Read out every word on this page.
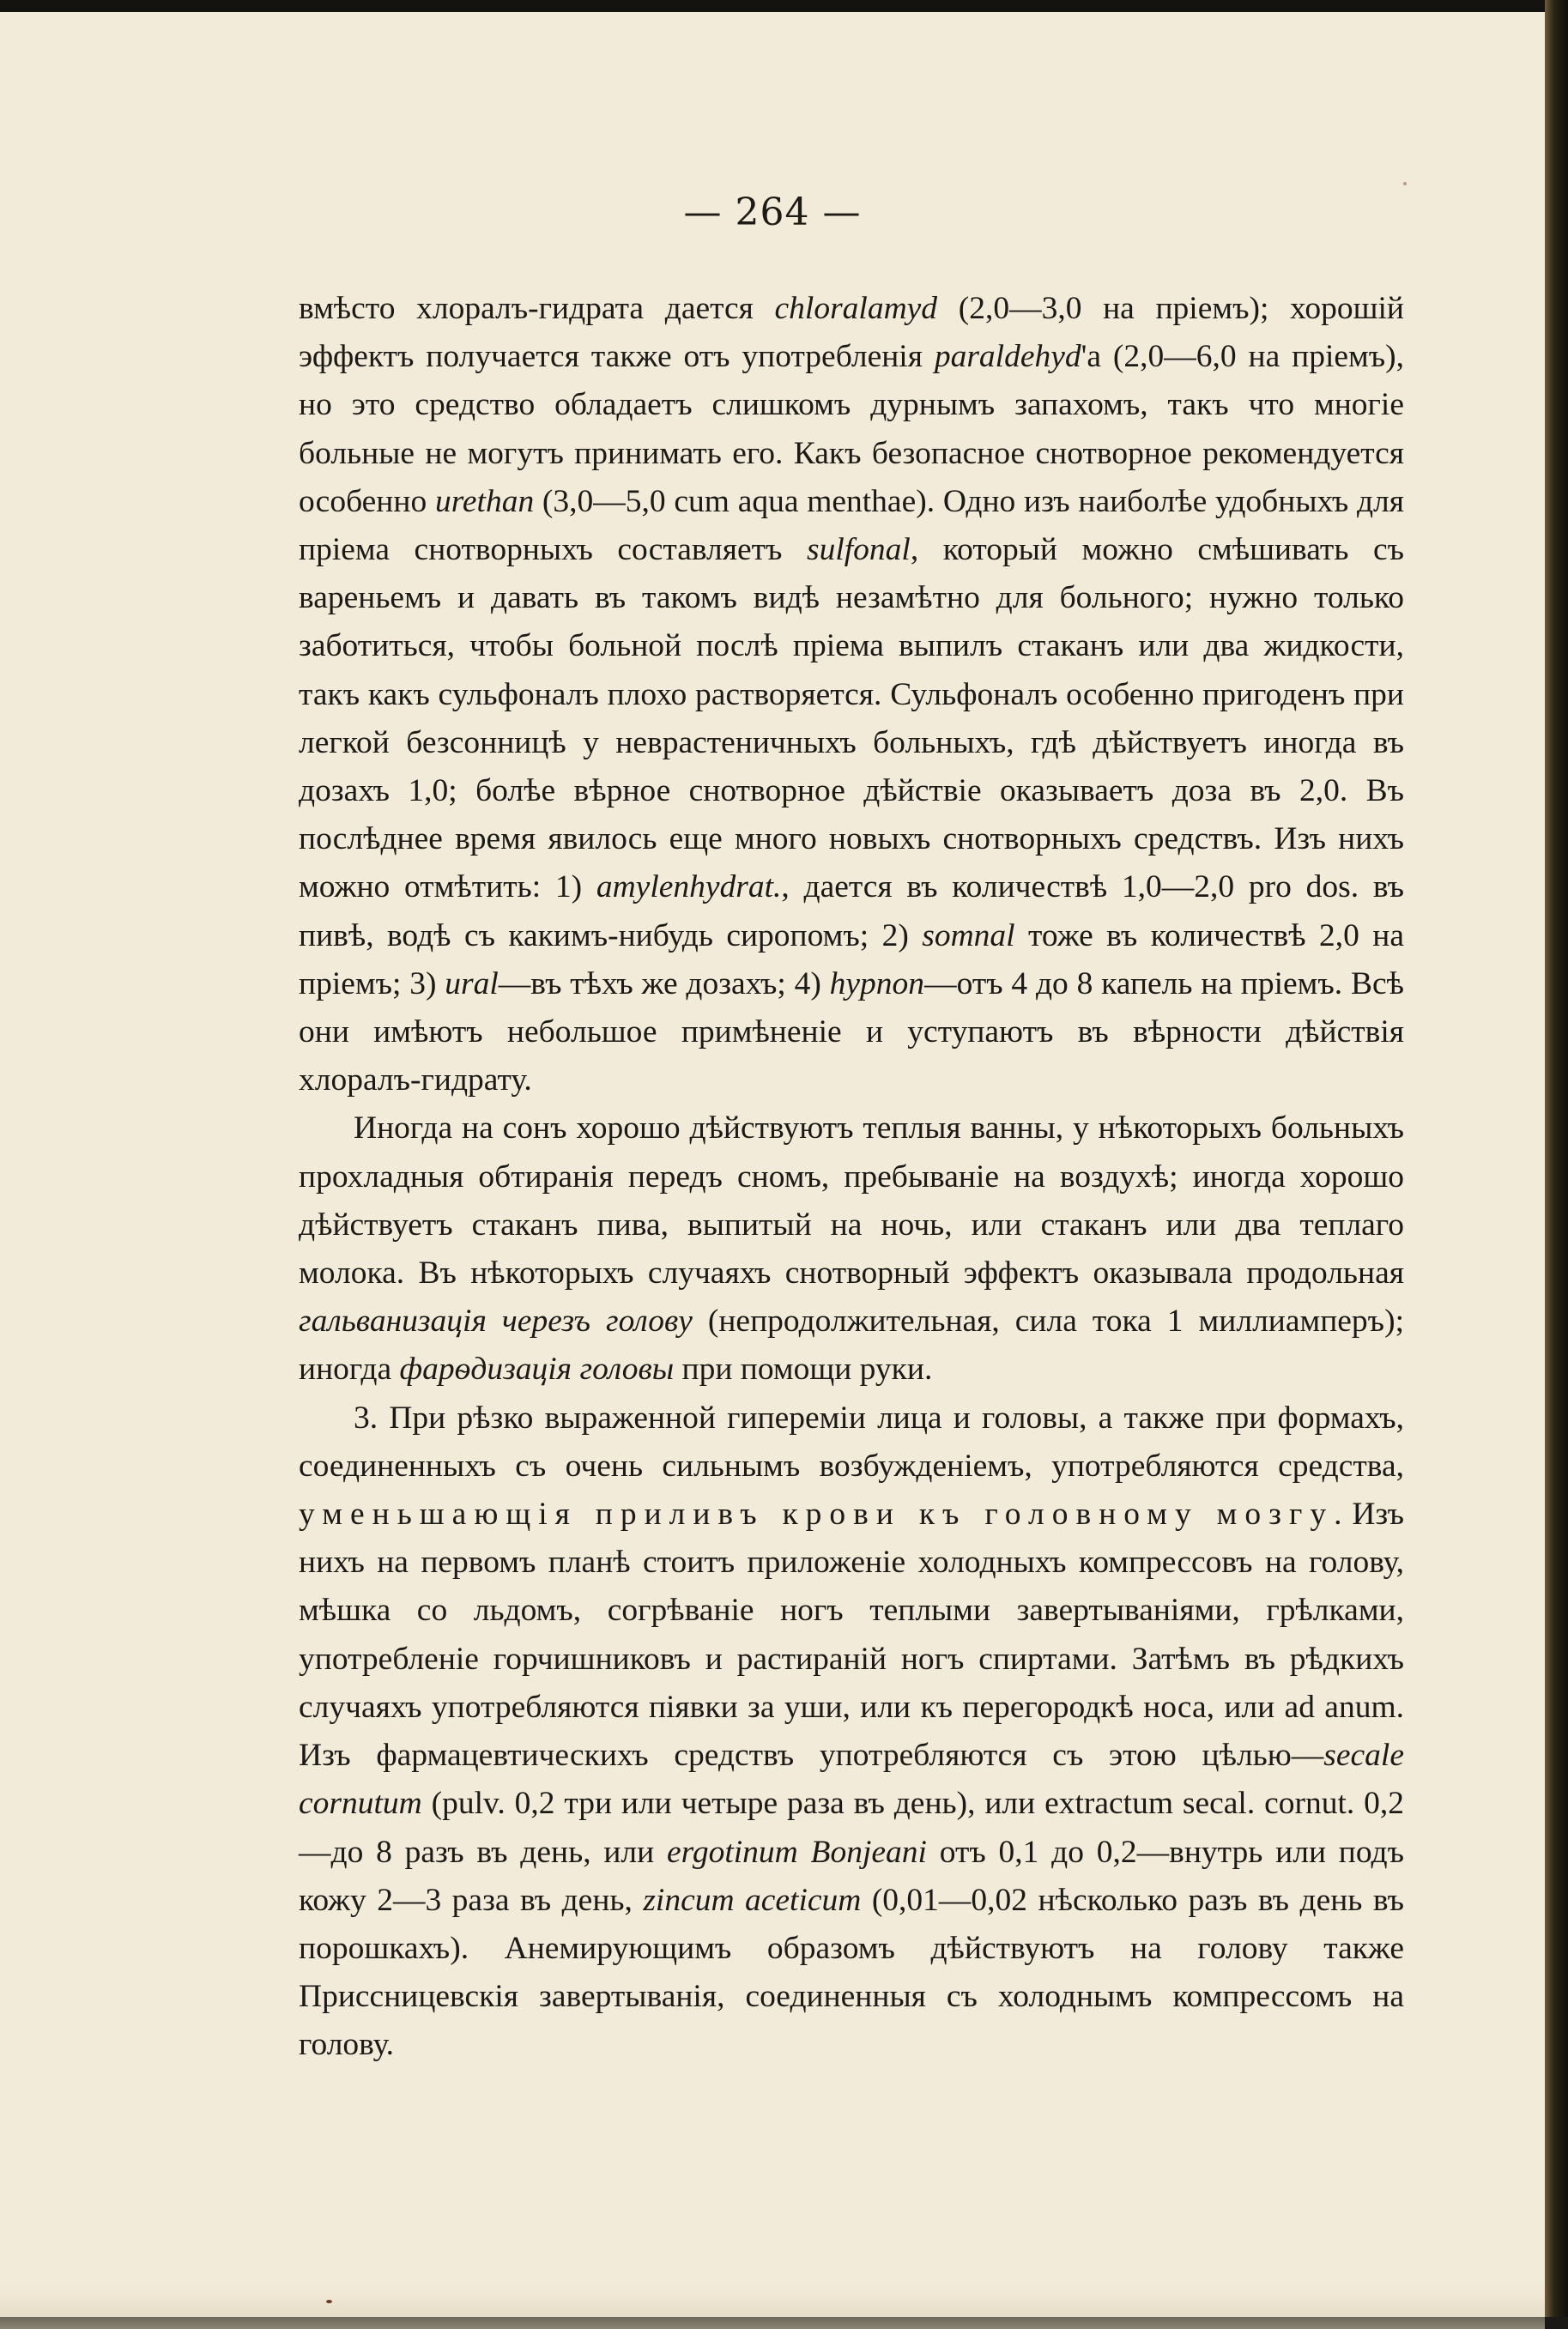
— 264 —

вмѣсто хлоралъ-гидрата дается chloralamyd (2,0—3,0 на пріемъ); хорошій эффектъ получается также отъ употребленія paraldehyd'а (2,0—6,0 на пріемъ), но это средство обладаетъ слишкомъ дурнымъ запахомъ, такъ что многіе больные не могутъ принимать его. Какъ безопасное снотворное рекомендуется особенно urethan (3,0—5,0 cum aqua menthae). Одно изъ наиболѣе удобныхъ для пріема снотворныхъ составляетъ sulfonal, который можно смѣшивать съ вареньемъ и давать въ такомъ видѣ незамѣтно для больного; нужно только заботиться, чтобы больной послѣ пріема выпилъ стаканъ или два жидкости, такъ какъ сульфоналъ плохо растворяется. Сульфоналъ особенно пригоденъ при легкой безсонницѣ у неврастеничныхъ больныхъ, гдѣ дѣйствуетъ иногда въ дозахъ 1,0; болѣе вѣрное снотворное дѣйствіе оказываетъ доза въ 2,0. Въ послѣднее время явилось еще много новыхъ снотворныхъ средствъ. Изъ нихъ можно отмѣтить: 1) amylenhydrat., дается въ количествѣ 1,0—2,0 pro dos. въ пивѣ, водѣ съ какимъ-нибудь сиропомъ; 2) somnal тоже въ количествѣ 2,0 на пріемъ; 3) ural—въ тѣхъ же дозахъ; 4) hypnon—отъ 4 до 8 капель на пріемъ. Всѣ они имѣютъ небольшое примѣненіе и уступаютъ въ вѣрности дѣйствія хлоралъ-гидрату.

Иногда на сонъ хорошо дѣйствуютъ теплыя ванны, у нѣкоторыхъ больныхъ прохладныя обтиранія передъ сномъ, пребываніе на воздухѣ; иногда хорошо дѣйствуетъ стаканъ пива, выпитый на ночь, или стаканъ или два теплаго молока. Въ нѣкоторыхъ случаяхъ снотворный эффектъ оказывала продольная гальванизація черезъ голову (непродолжительная, сила тока 1 миллиамперъ); иногда фарѳдизація головы при помощи руки.

3. При рѣзко выраженной гипереміи лица и головы, а также при формахъ, соединенныхъ съ очень сильнымъ возбужденіемъ, употребляются средства, уменьшающія приливъ крови къ головному мозгу. Изъ нихъ на первомъ планѣ стоитъ приложеніе холодныхъ компрессовъ на голову, мѣшка со льдомъ, согрѣваніе ногъ теплыми завертываніями, грѣлками, употребленіе горчишниковъ и растираній ногъ спиртами. Затѣмъ въ рѣдкихъ случаяхъ употребляются піявки за уши, или къ перегородкѣ носа, или ad anum. Изъ фармацевтическихъ средствъ употребляются съ этою цѣлью—secale cornutum (pulv. 0,2 три или четыре раза въ день), или extractum secal. cornut. 0,2—до 8 разъ въ день, или ergotinum Bonjeani отъ 0,1 до 0,2—внутрь или подъ кожу 2—3 раза въ день, zincum aceticum (0,01—0,02 нѣсколько разъ въ день въ порошкахъ). Анемирующимъ образомъ дѣйствуютъ на голову также Присcницевскія завертыванія, соединенныя съ холоднымъ компрессомъ на голову.
